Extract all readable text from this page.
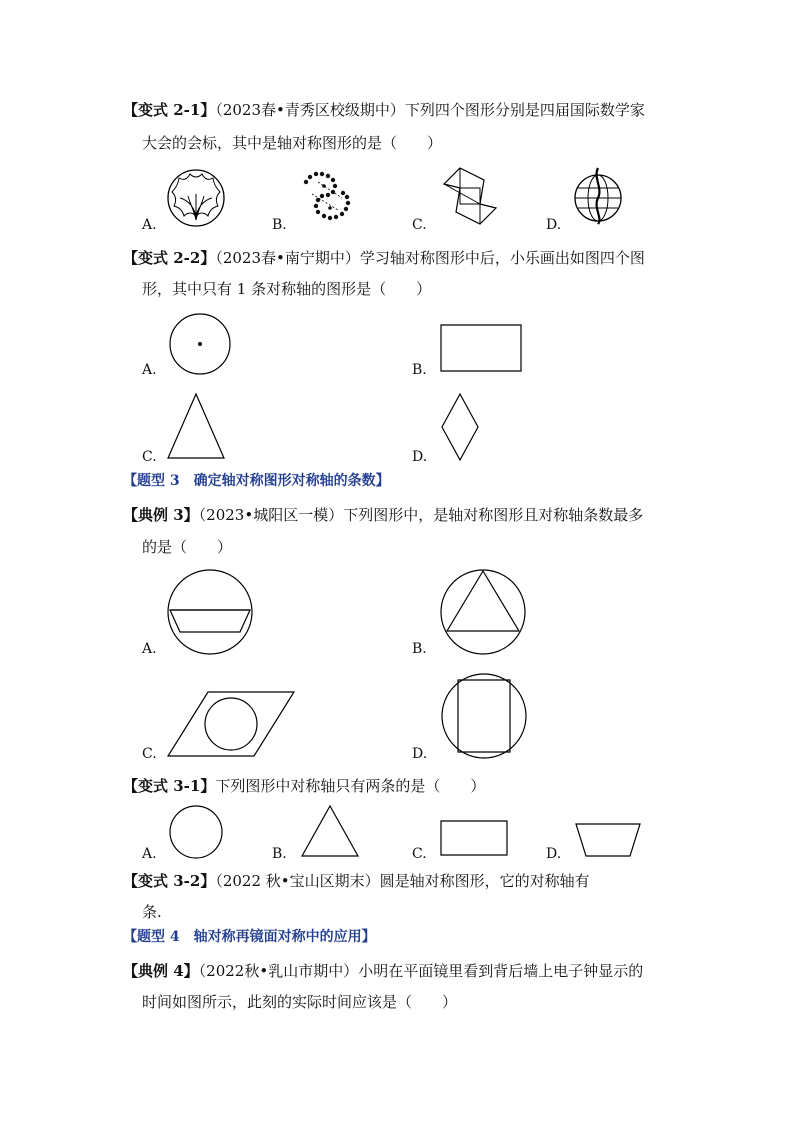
【变式 2-1】（2023春•青秀区校级期中）下列四个图形分别是四届国际数学家
大会的会标，其中是轴对称图形的是（　　）
A.	B.	C.	D.
【变式 2-2】（2023春•南宁期中）学习轴对称图形中后，小乐画出如图四个图
形，其中只有 1 条对称轴的图形是（　　）
A.	B.
C.	D.
【题型 3　确定轴对称图形对称轴的条数】
【典例 3】（2023•城阳区一模）下列图形中，是轴对称图形且对称轴条数最多
的是（　　）
A.	B.
C.	D.
【变式 3-1】下列图形中对称轴只有两条的是（　　）
A.	B.	C.	D.
【变式 3-2】（2022 秋•宝山区期末）圆是轴对称图形，它的对称轴有
条.
【题型 4　轴对称再镜面对称中的应用】
【典例 4】（2022秋•乳山市期中）小明在平面镜里看到背后墙上电子钟显示的
时间如图所示，此刻的实际时间应该是（　　）
